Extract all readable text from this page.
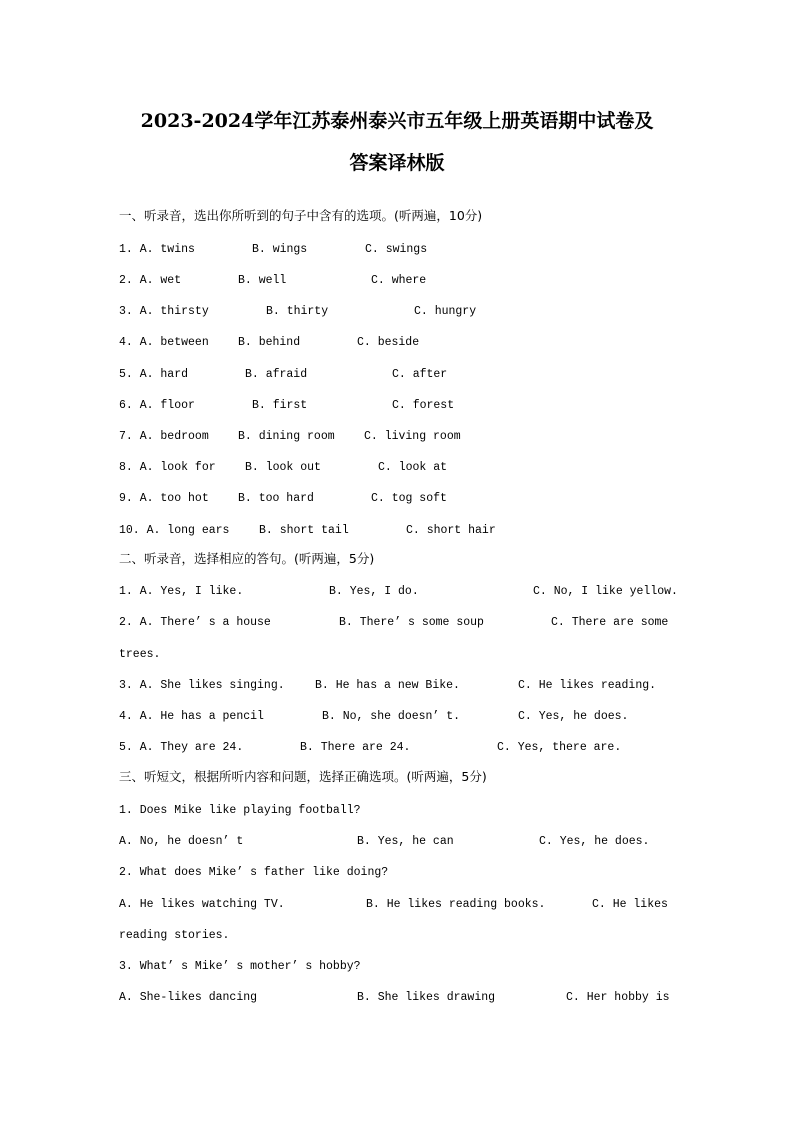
2023-2024学年江苏泰州泰兴市五年级上册英语期中试卷及
答案译林版
一、听录音，选出你所听到的句子中含有的选项。(听两遍，10分)
1. A. twins	B. wings	C. swings
2. A. wet	B. well	C. where
3. A. thirsty	B. thirty	C. hungry
4. A. between	B. behind	C. beside
5. A. hard	B. afraid	C. after
6. A. floor	B. first	C. forest
7. A. bedroom	B. dining room	C. living room
8. A. look for	B. look out	C. look at
9. A. too hot	B. too hard	C. tog soft
10. A. long ears	B. short tail	C. short hair
二、听录音，选择相应的答句。(听两遍，5分)
1. A. Yes, I like.	B. Yes, I do.	C. No, I like yellow.
2. A. There’ s a house	B. There’ s some soup	C. There are some
trees.
3. A. She likes singing.	B. He has a new Bike.	C. He likes reading.
4. A. He has a pencil	B. No, she doesn’ t.	C. Yes, he does.
5. A. They are 24.	B. There are 24.	C. Yes, there are.
三、听短文，根据所听内容和问题，选择正确选项。(听两遍，5分)
1. Does Mike like playing football?
A. No, he doesn’ t	B. Yes, he can	C. Yes, he does.
2. What does Mike’ s father like doing?
A. He likes watching TV.	B. He likes reading books.	C. He likes
reading stories.
3. What’ s Mike’ s mother’ s hobby?
A. She-likes dancing	B. She likes drawing	C. Her hobby is
